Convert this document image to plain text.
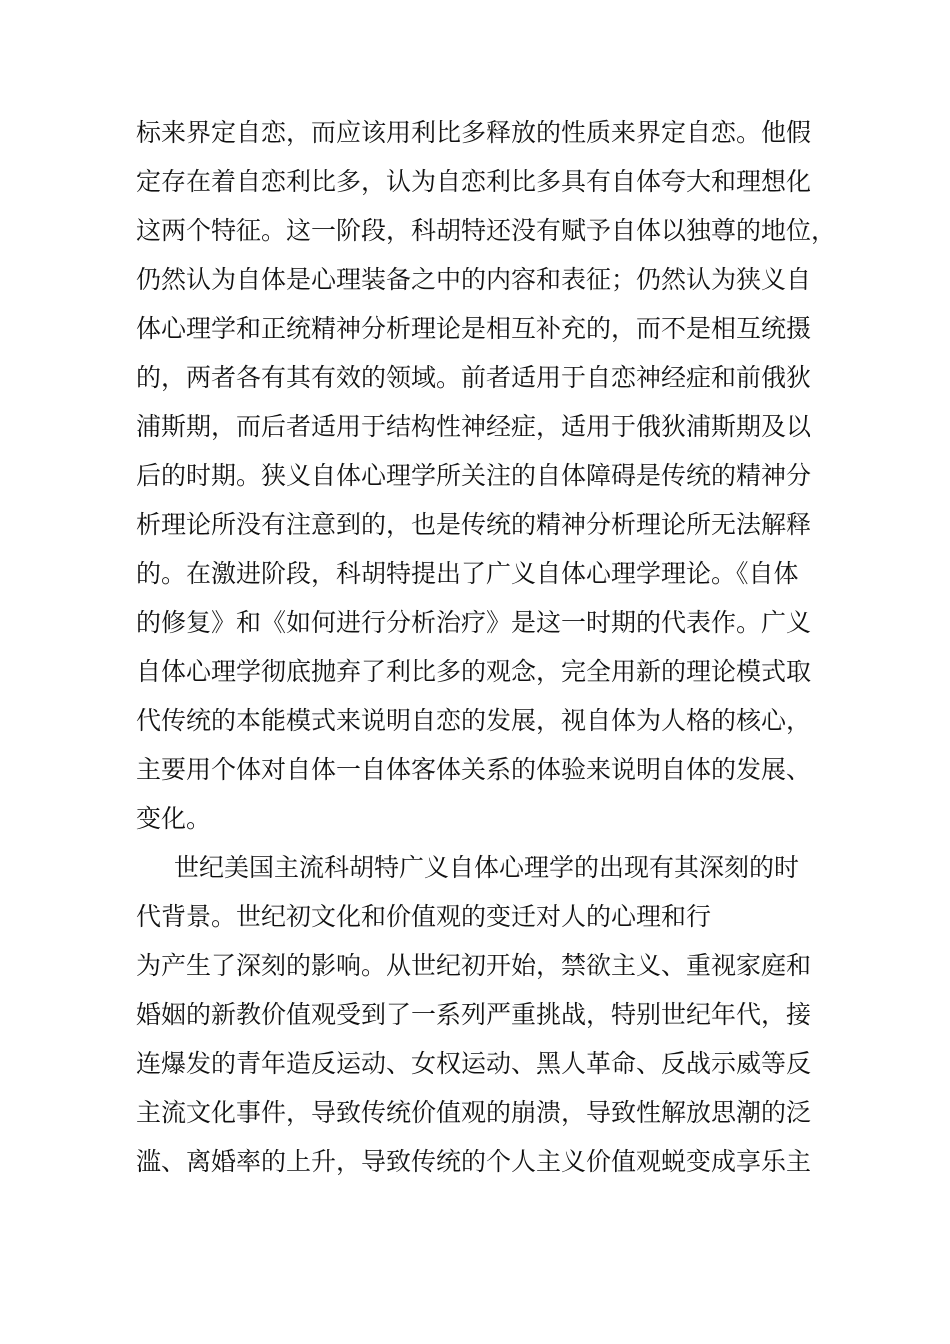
标来界定自恋，而应该用利比多释放的性质来界定自恋。他假
定存在着自恋利比多，认为自恋利比多具有自体夸大和理想化
这两个特征。这一阶段，科胡特还没有赋予自体以独尊的地位，
仍然认为自体是心理装备之中的内容和表征；仍然认为狭义自
体心理学和正统精神分析理论是相互补充的，而不是相互统摄
的，两者各有其有效的领域。前者适用于自恋神经症和前俄狄
浦斯期，而后者适用于结构性神经症，适用于俄狄浦斯期及以
后的时期。狭义自体心理学所关注的自体障碍是传统的精神分
析理论所没有注意到的，也是传统的精神分析理论所无法解释
的。在激进阶段，科胡特提出了广义自体心理学理论。《自体
的修复》和《如何进行分析治疗》是这一时期的代表作。广义
自体心理学彻底抛弃了利比多的观念，完全用新的理论模式取
代传统的本能模式来说明自恋的发展，视自体为人格的核心，
主要用个体对自体一自体客体关系的体验来说明自体的发展、
变化。
世纪美国主流科胡特广义自体心理学的出现有其深刻的时
代背景。世纪初文化和价值观的变迁对人的心理和行
为产生了深刻的影响。从世纪初开始，禁欲主义、重视家庭和
婚姻的新教价值观受到了一系列严重挑战，特别世纪年代，接
连爆发的青年造反运动、女权运动、黑人革命、反战示威等反
主流文化事件，导致传统价值观的崩溃，导致性解放思潮的泛
滥、离婚率的上升，导致传统的个人主义价值观蜕变成享乐主
